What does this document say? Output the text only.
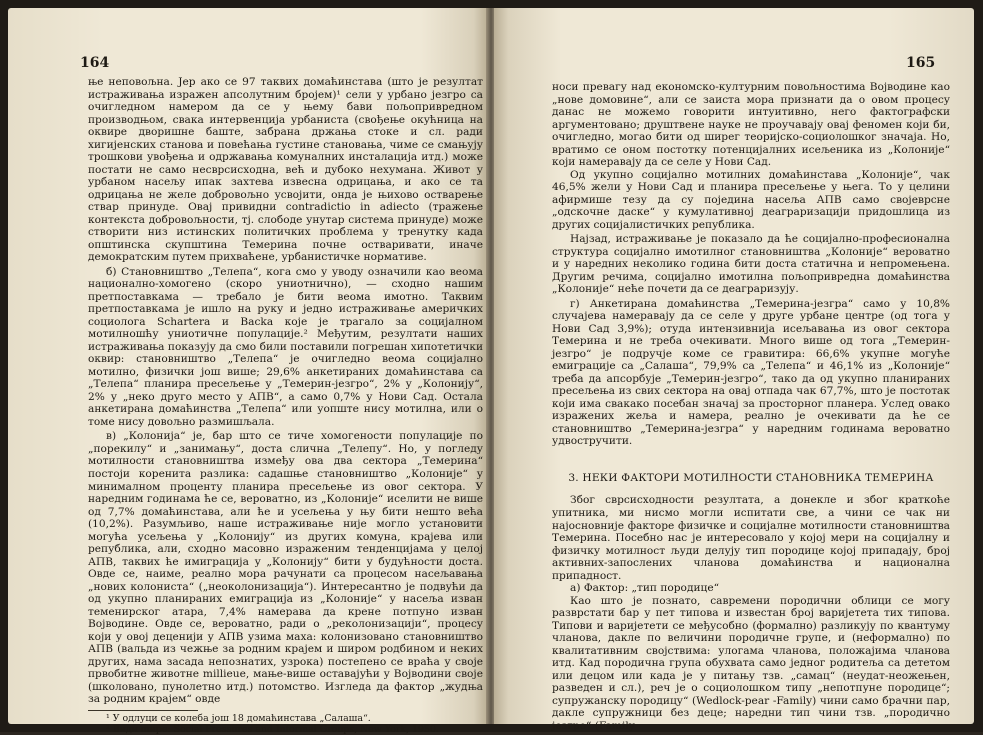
164

ње неповољна. Јер ако се 97 таквих домаћинстава (што је резултат истраживања изражен апсолутним бројем)¹ сели у урбано језгро са очигледном намером да се у њему бави пољопривредном производњом, свака интервенција урбаниста (свођење окућница на оквире дворишне баште, забрана држања стоке и сл. ради хигијенских станова и повећања густине становања, чиме се смањују трошкови увођења и одржавања комуналних инсталација итд.) може постати не само несврсисходна, већ и дубоко нехумана. Живот у урбаном насељу ипак захтева извесна одрицања, и ако се та одрицања не желе добровољно усвојити, онда је њихово остварење ствар принуде. Овај привидни contradictio in adiecto (тражење контекста добровољности, тј. слободе унутар система принуде) може створити низ истинских политичких проблема у тренутку када општинска скупштина Темерина почне остваривати, иначе демократским путем прихваћене, урбанистичке нормативе.

б) Становништво „Телепа“, кога смо у уводу означили као веома национално-хомогено (скоро униотнично), — сходно нашим претпоставкама — требало је бити веома имотно. Таквим претпоставкама је ишло на руку и једно истраживање америчких социолога Schartera и Backa које је трагало за социјалном мотилношћу униотичне популације.² Међутим, резултати наших истраживања показују да смо били поставили погрешан хипотетички оквир: становништво „Телепа“ је очигледно веома социјално мотилно, физички још више; 29,6% анкетираних домаћинстава са „Телепа“ планира пресељење у „Темерин-језгро“, 2% у „Колонију“, 2% у „неко друго место у АПВ“, а само 0,7% у Нови Сад. Остала анкетирана домаћинства „Телепа“ или уопште нису мотилна, или о томе нису довољно размишљала.

в) „Колонија“ је, бар што се тиче хомогености популације по „порекилу“ и „занимању“, доста слична „Телепу“. Но, у погледу мотилности становништва између ова два сектора „Темерина“ постоји коренита разлика: садашње становништво „Колоније“ у минималном проценту планира пресељење из овог сектора. У наредним годинама ће се, вероватно, из „Колоније“ иселити не више од 7,7% домаћинстава, али ће и усељења у њу бити нешто већа (10,2%). Разумљиво, наше истраживање није могло установити могућа усељења у „Колонију“ из других комуна, крајева или република, али, сходно масовно израженим тенденцијама у целој АПВ, таквих ће имиграција у „Колонију“ бити у будућности доста. Овде се, наиме, реално мора рачунати са процесом насељавања „нових колониста“ („неоколонизација“). Интересантно је подвући да од укупно планираних емиграција из „Колоније“ у насеља изван теменирског атара, 7,4% намерава да крене потпуно изван Војводине. Овде се, вероватно, ради о „реколонизацији“, процесу који у овој деценији у АПВ узима маха: колонизовано становништво АПВ (вальда из чежње за родним крајем и широм родбином и неких других, нама засада непознатих, узрока) постепено се враћа у своје првобитне животне millieue, мање-више оставајући у Војводини своје (школовано, пунолетно итд.) потомство. Изгледа да фактор „жудња за родним крајем“ овде

¹ У одлуци се колеба још 18 домаћинстава „Салаша“.

² Види шире: Social Pressures and Informal Groups, New York, 1950.

165

носи превагу над економско-културним повољностима Војводине као „нове домовине“, али се заиста мора признати да о овом процесу данас не можемо говорити интуитивно, него фактографски аргументовано; друштвене науке не проучавају овај феномен који би, очигледно, могао бити од ширег теоријско-социолошког значаја. Но, вратимо се оном постотку потенцијалних исељеника из „Колоније“ који намеравају да се селе у Нови Сад.

Од укупно социјално мотилних домаћинстава „Колоније“, чак 46,5% жели у Нови Сад и планира пресељење у њега. То у целини афирмише тезу да су поједина насеља АПВ само својеврсне „одскочне даске“ у кумулативној деаграризацији придошлица из других социјалистичких република.

Најзад, истраживање је показало да ће социјално-професионална структура социјално имотилног становништва „Колоније“ вероватно и у наредних неколико година бити доста статична и непромењена. Другим речима, социјално имотилна пољопривредна домаћинства „Колоније“ неће почети да се деаграризују.

г) Анкетирана домаћинства „Темерина-језгра“ само у 10,8% случајева намеравају да се селе у друге урбане центре (од тога у Нови Сад 3,9%); отуда интензивнија исељавања из овог сектора Темерина и не треба очекивати. Много више од тога „Темерин-језгро“ је подручје коме се гравитира: 66,6% укупне могуће емиграције са „Салаша“, 79,9% са „Телепа“ и 46,1% из „Колоније“ треба да апсорбује „Темерин-језгро“, тако да од укупно планираних пресељења из свих сектора на овај отпада чак 67,7%, што је постотак који има свакако посебан значај за просторног планера. Услед овако изражених жеља и намера, реално је очекивати да ће се становништво „Темерина-језгра“ у наредним годинама вероватно удвостручити.

3. НЕКИ ФАКТОРИ МОТИЛНОСТИ СТАНОВНИКА ТЕМЕРИНА

Због сврсисходности резултата, а донекле и због краткоће упитника, ми нисмо могли испитати све, а чини се чак ни најосновније факторе физичке и социјалне мотилности становништва Темерина. Посебно нас је интересовало у којој мери на социјалну и физичку мотилност људи делују тип породице којој припадају, број активних-запослених чланова домаћинства и национална припадност.

а) Фактор: „тип породице“

Као што је познато, савремени породични облици се могу разврстати бар у пет типова и известан број варијетета тих типова. Типови и варијетети се међусобно (формално) разликују по квантуму чланова, дакле по величини породичне групе, и (неформално) по квалитативним својствима: улогама чланова, положајима чланова итд. Кад породична група обухвата само једног родитеља са дететом или децом или када је у питању тзв. „самац“ (неудат-неожењен, разведен и сл.), реч је о социолошком типу „непотпуне породице“; супружанску породицу“ (Wedlock-pear -Family) чини само брачни пар, дакле супружници без деце; наредни тип чини тзв. „породично језгро“ (Family
